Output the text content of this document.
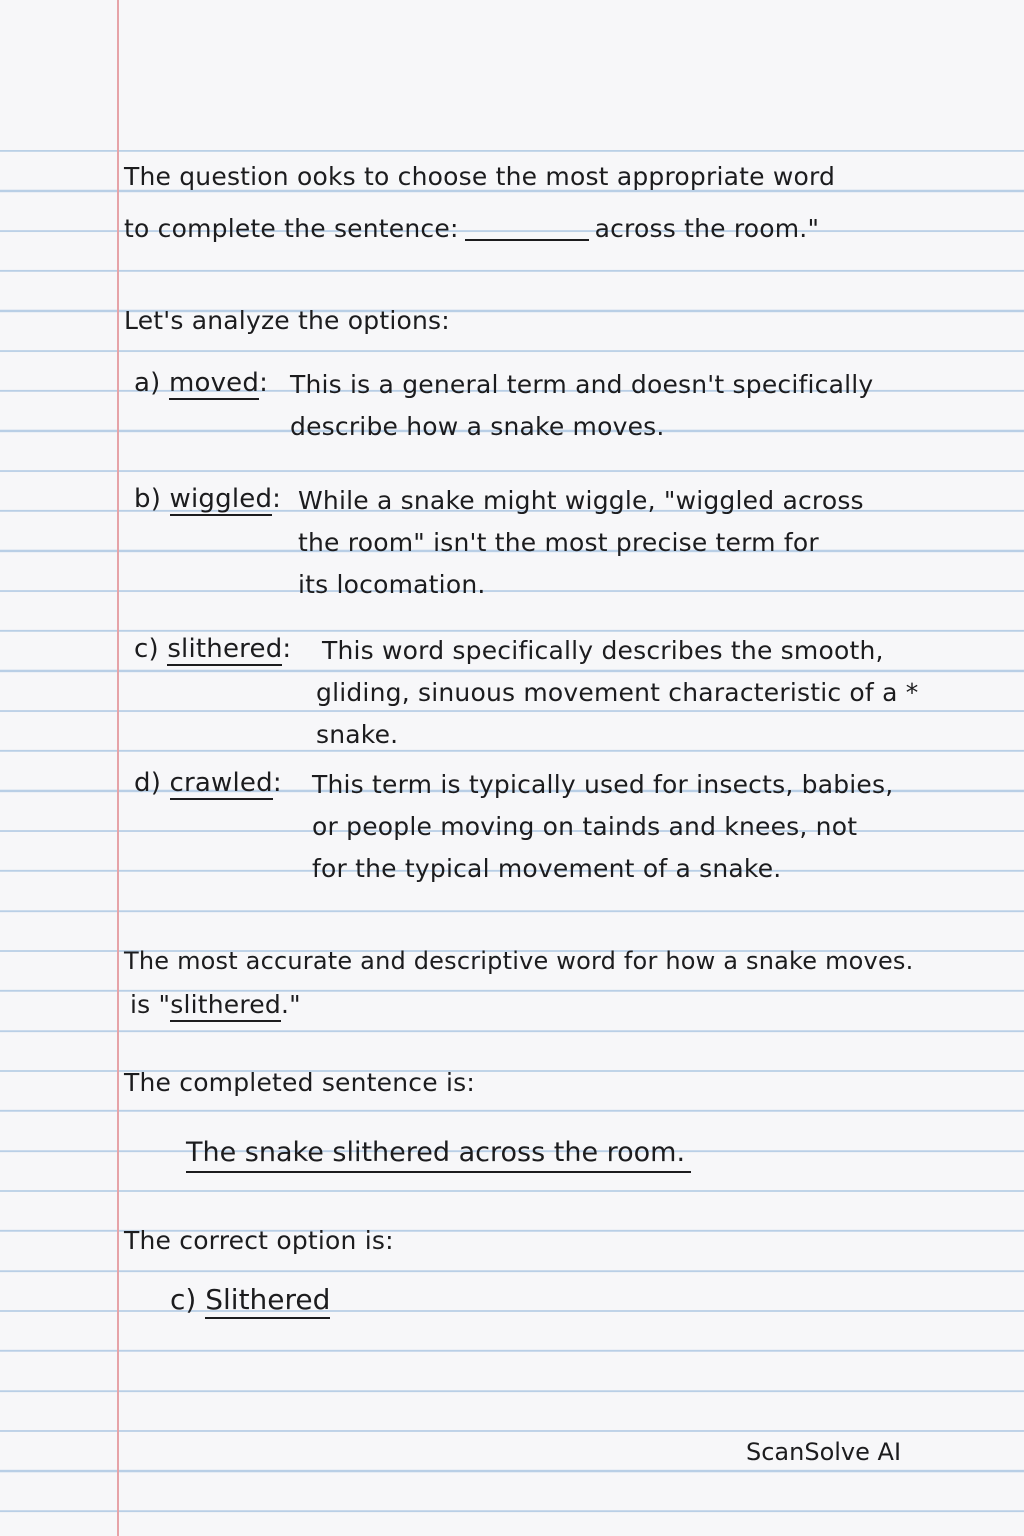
The question ooks to choose the most appropriate word
to complete the sentence:	across the room."
Let's analyze the options:
a) moved: This is a general term and doesn't specifically
describe how a snake moves.
b) wiggled: While a snake might wiggle, "wiggled across
the room" isn't the most precise term for
its locomation.
c) slithered: This word specifically describes the smooth,
gliding, sinuous movement characteristic of a *
snake.
d) crawled: This term is typically used for insects, babies,
or people moving on tainds and knees, not
for the typical movement of a snake.
The most accurate and descriptive word for how a snake moves.
is "slithered."
The completed sentence is:
The snake slithered across the room.
The correct option is:
c) Slithered
ScanSolve AI
